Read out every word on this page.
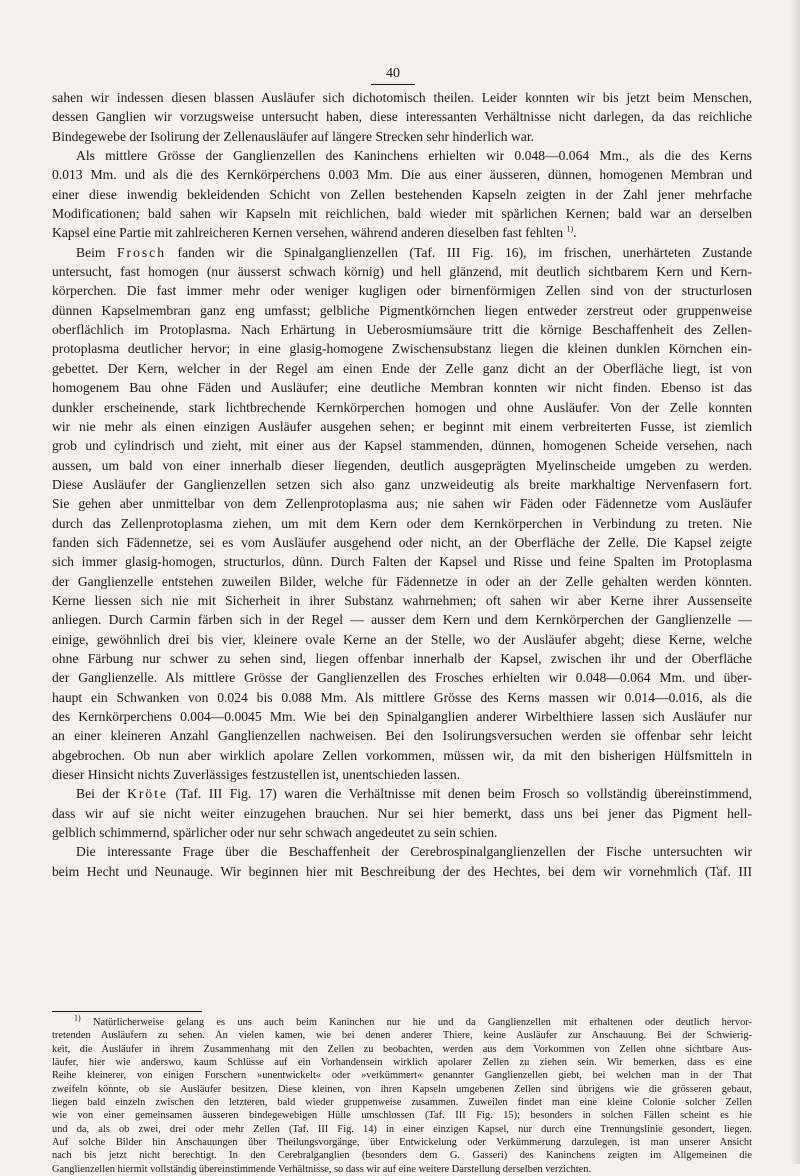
40
sahen wir indessen diesen blassen Ausläufer sich dichotomisch theilen. Leider konnten wir bis jetzt beim Menschen,
dessen Ganglien wir vorzugsweise untersucht haben, diese interessanten Verhältnisse nicht darlegen, da das reichliche
Bindegewebe der Isolirung der Zellenausläufer auf längere Strecken sehr hinderlich war.
Als mittlere Grösse der Ganglienzellen des Kaninchens erhielten wir 0.048—0.064 Mm., als die des Kerns
0.013 Mm. und als die des Kernkörperchens 0.003 Mm. Die aus einer äusseren, dünnen, homogenen Membran und
einer diese inwendig bekleidenden Schicht von Zellen bestehenden Kapseln zeigten in der Zahl jener mehrfache
Modificationen; bald sahen wir Kapseln mit reichlichen, bald wieder mit spärlichen Kernen; bald war an derselben
Kapsel eine Partie mit zahlreicheren Kernen versehen, während anderen dieselben fast fehlten $^{1)}$.
Beim Frosch fanden wir die Spinalganglienzellen (Taf. III Fig. 16), im frischen, unerhärteten Zustande
untersucht, fast homogen (nur äusserst schwach körnig) und hell glänzend, mit deutlich sichtbarem Kern und Kern-
körperchen. Die fast immer mehr oder weniger kugligen oder birnenförmigen Zellen sind von der structurlosen
dünnen Kapselmembran ganz eng umfasst; gelbliche Pigmentkörnchen liegen entweder zerstreut oder gruppenweise
oberflächlich im Protoplasma. Nach Erhärtung in Ueberosmiumsäure tritt die körnige Beschaffenheit des Zellen-
protoplasma deutlicher hervor; in eine glasig-homogene Zwischensubstanz liegen die kleinen dunklen Körnchen ein-
gebettet. Der Kern, welcher in der Regel am einen Ende der Zelle ganz dicht an der Oberfläche liegt, ist von
homogenem Bau ohne Fäden und Ausläufer; eine deutliche Membran konnten wir nicht finden. Ebenso ist das
dunkler erscheinende, stark lichtbrechende Kernkörperchen homogen und ohne Ausläufer. Von der Zelle konnten
wir nie mehr als einen einzigen Ausläufer ausgehen sehen; er beginnt mit einem verbreiterten Fusse, ist ziemlich
grob und cylindrisch und zieht, mit einer aus der Kapsel stammenden, dünnen, homogenen Scheide versehen, nach
aussen, um bald von einer innerhalb dieser liegenden, deutlich ausgeprägten Myelinscheide umgeben zu werden.
Diese Ausläufer der Ganglienzellen setzen sich also ganz unzweideutig als breite markhaltige Nervenfasern fort.
Sie gehen aber unmittelbar von dem Zellenprotoplasma aus; nie sahen wir Fäden oder Fädennetze vom Ausläufer
durch das Zellenprotoplasma ziehen, um mit dem Kern oder dem Kernkörperchen in Verbindung zu treten. Nie
fanden sich Fädennetze, sei es vom Ausläufer ausgehend oder nicht, an der Oberfläche der Zelle. Die Kapsel zeigte
sich immer glasig-homogen, structurlos, dünn. Durch Falten der Kapsel und Risse und feine Spalten im Protoplasma
der Ganglienzelle entstehen zuweilen Bilder, welche für Fädennetze in oder an der Zelle gehalten werden könnten.
Kerne liessen sich nie mit Sicherheit in ihrer Substanz wahrnehmen; oft sahen wir aber Kerne ihrer Aussenseite
anliegen. Durch Carmin färben sich in der Regel — ausser dem Kern und dem Kernkörperchen der Ganglienzelle —
einige, gewöhnlich drei bis vier, kleinere ovale Kerne an der Stelle, wo der Ausläufer abgeht; diese Kerne, welche
ohne Färbung nur schwer zu sehen sind, liegen offenbar innerhalb der Kapsel, zwischen ihr und der Oberfläche
der Ganglienzelle. Als mittlere Grösse der Ganglienzellen des Frosches erhielten wir 0.048—0.064 Mm. und über-
haupt ein Schwanken von 0.024 bis 0.088 Mm. Als mittlere Grösse des Kerns massen wir 0.014—0.016, als die
des Kernkörperchens 0.004—0.0045 Mm. Wie bei den Spinalganglien anderer Wirbelthiere lassen sich Ausläufer nur
an einer kleineren Anzahl Ganglienzellen nachweisen. Bei den Isolirungsversuchen werden sie offenbar sehr leicht
abgebrochen. Ob nun aber wirklich apolare Zellen vorkommen, müssen wir, da mit den bisherigen Hülfsmitteln in
dieser Hinsicht nichts Zuverlässiges festzustellen ist, unentschieden lassen.
Bei der Kröte (Taf. III Fig. 17) waren die Verhältnisse mit denen beim Frosch so vollständig übereinstimmend,
dass wir auf sie nicht weiter einzugehen brauchen. Nur sei hier bemerkt, dass uns bei jener das Pigment hell-
gelblich schimmernd, spärlicher oder nur sehr schwach angedeutet zu sein schien.
Die interessante Frage über die Beschaffenheit der Cerebrospinalganglienzellen der Fische untersuchten wir
beim Hecht und Neunauge. Wir beginnen hier mit Beschreibung der des Hechtes, bei dem wir vornehmlich (Taf. III
$^{1)}$ Natürlicherweise gelang es uns auch beim Kaninchen nur hie und da Ganglienzellen mit erhaltenen oder deutlich hervor-
tretenden Ausläufern zu sehen. An vielen kamen, wie bei denen anderer Thiere, keine Ausläufer zur Anschauung. Bei der Schwierig-
keit, die Ausläufer in ihrem Zusammenhang mit den Zellen zu beobachten, werden aus dem Vorkommen von Zellen ohne sichtbare Aus-
läufer, hier wie anderswo, kaum Schlüsse auf ein Vorhandensein wirklich apolarer Zellen zu ziehen sein. Wir bemerken, dass es eine
Reihe kleinerer, von einigen Forschern »unentwickelt« oder »verkümmert« genannter Ganglienzellen giebt, bei welchen man in der That
zweifeln könnte, ob sie Ausläufer besitzen. Diese kleinen, von ihren Kapseln umgebenen Zellen sind übrigens wie die grösseren gebaut,
liegen bald einzeln zwischen den letzteren, bald wieder gruppenweise zusammen. Zuweilen findet man eine kleine Colonie solcher Zellen
wie von einer gemeinsamen äusseren bindegewebigen Hülle umschlossen (Taf. III Fig. 15); besonders in solchen Fällen scheint es hie
und da, als ob zwei, drei oder mehr Zellen (Taf. III Fig. 14) in einer einzigen Kapsel, nur durch eine Trennungslinie gesondert, liegen.
Auf solche Bilder hin Anschauungen über Theilungsvorgänge, über Entwickelung oder Verkümmerung darzulegen, ist man unserer Ansicht
nach bis jetzt nicht berechtigt. In den Cerebralganglien (besonders dem G. Gasseri) des Kaninchens zeigten im Allgemeinen die
Ganglienzellen hiermit vollständig übereinstimmende Verhältnisse, so dass wir auf eine weitere Darstellung derselben verzichten.
